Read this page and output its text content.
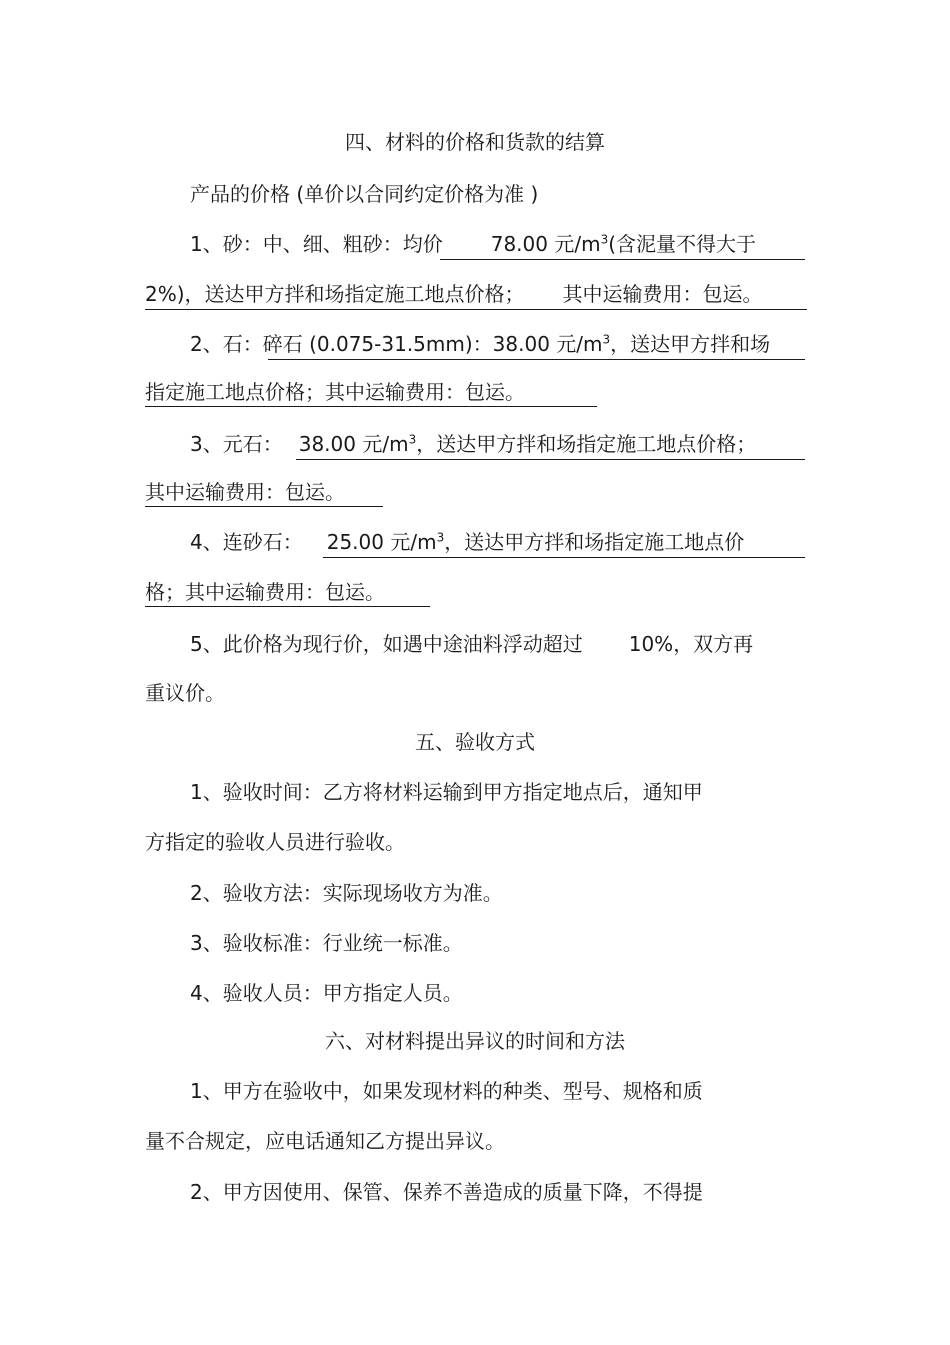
四、材料的价格和货款的结算
产品的价格 (单价以合同约定价格为准 )
1、砂：中、细、粗砂：均价 78.00 元$/m^3$(含泥量不得大于
2%)，送达甲方拌和场指定施工地点价格； 其中运输费用：包运。
2、石：碎石 (0.075-31.5mm)：38.00 元$/m^3$，送达甲方拌和场
指定施工地点价格；其中运输费用：包运。
3、元石： 38.00 元$/m^3$，送达甲方拌和场指定施工地点价格；
其中运输费用：包运。
4、连砂石： 25.00 元$/m^3$，送达甲方拌和场指定施工地点价
格；其中运输费用：包运。
5、此价格为现行价，如遇中途油料浮动超过 10%，双方再
重议价。
五、验收方式
1、验收时间：乙方将材料运输到甲方指定地点后，通知甲
方指定的验收人员进行验收。
2、验收方法：实际现场收方为准。
3、验收标准：行业统一标准。
4、验收人员：甲方指定人员。
六、对材料提出异议的时间和方法
1、甲方在验收中，如果发现材料的种类、型号、规格和质
量不合规定，应电话通知乙方提出异议。
2、甲方因使用、保管、保养不善造成的质量下降，不得提
